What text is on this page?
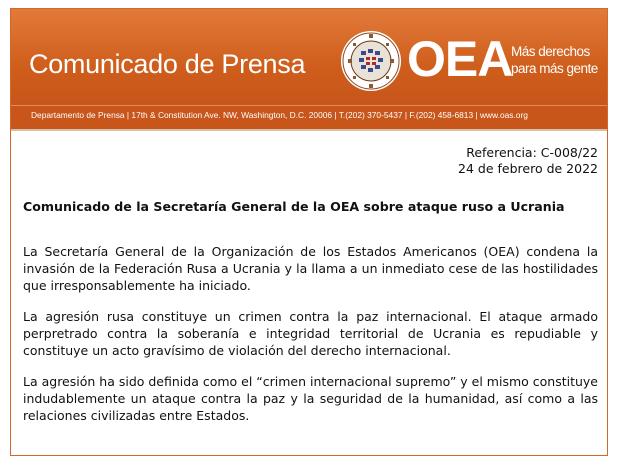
Comunicado de Prensa OEA
Más derechos
para más gente
Departamento de Prensa | 17th & Constitution Ave. NW, Washington, D.C. 20006 | T.(202) 370-5437 | F.(202) 458-6813 | www.oas.org
Referencia: C-008/22
24 de febrero de 2022
Comunicado de la Secretaría General de la OEA sobre ataque ruso a Ucrania

La Secretaría General de la Organización de los Estados Americanos (OEA) condena la invasión de la Federación Rusa a Ucrania y la llama a un inmediato cese de las hostilidades que irresponsablemente ha iniciado.

La agresión rusa constituye un crimen contra la paz internacional. El ataque armado perpretrado contra la soberanía e integridad territorial de Ucrania es repudiable y constituye un acto gravísimo de violación del derecho internacional.

La agresión ha sido definida como el “crimen internacional supremo” y el mismo constituye indudablemente un ataque contra la paz y la seguridad de la humanidad, así como a las relaciones civilizadas entre Estados.
